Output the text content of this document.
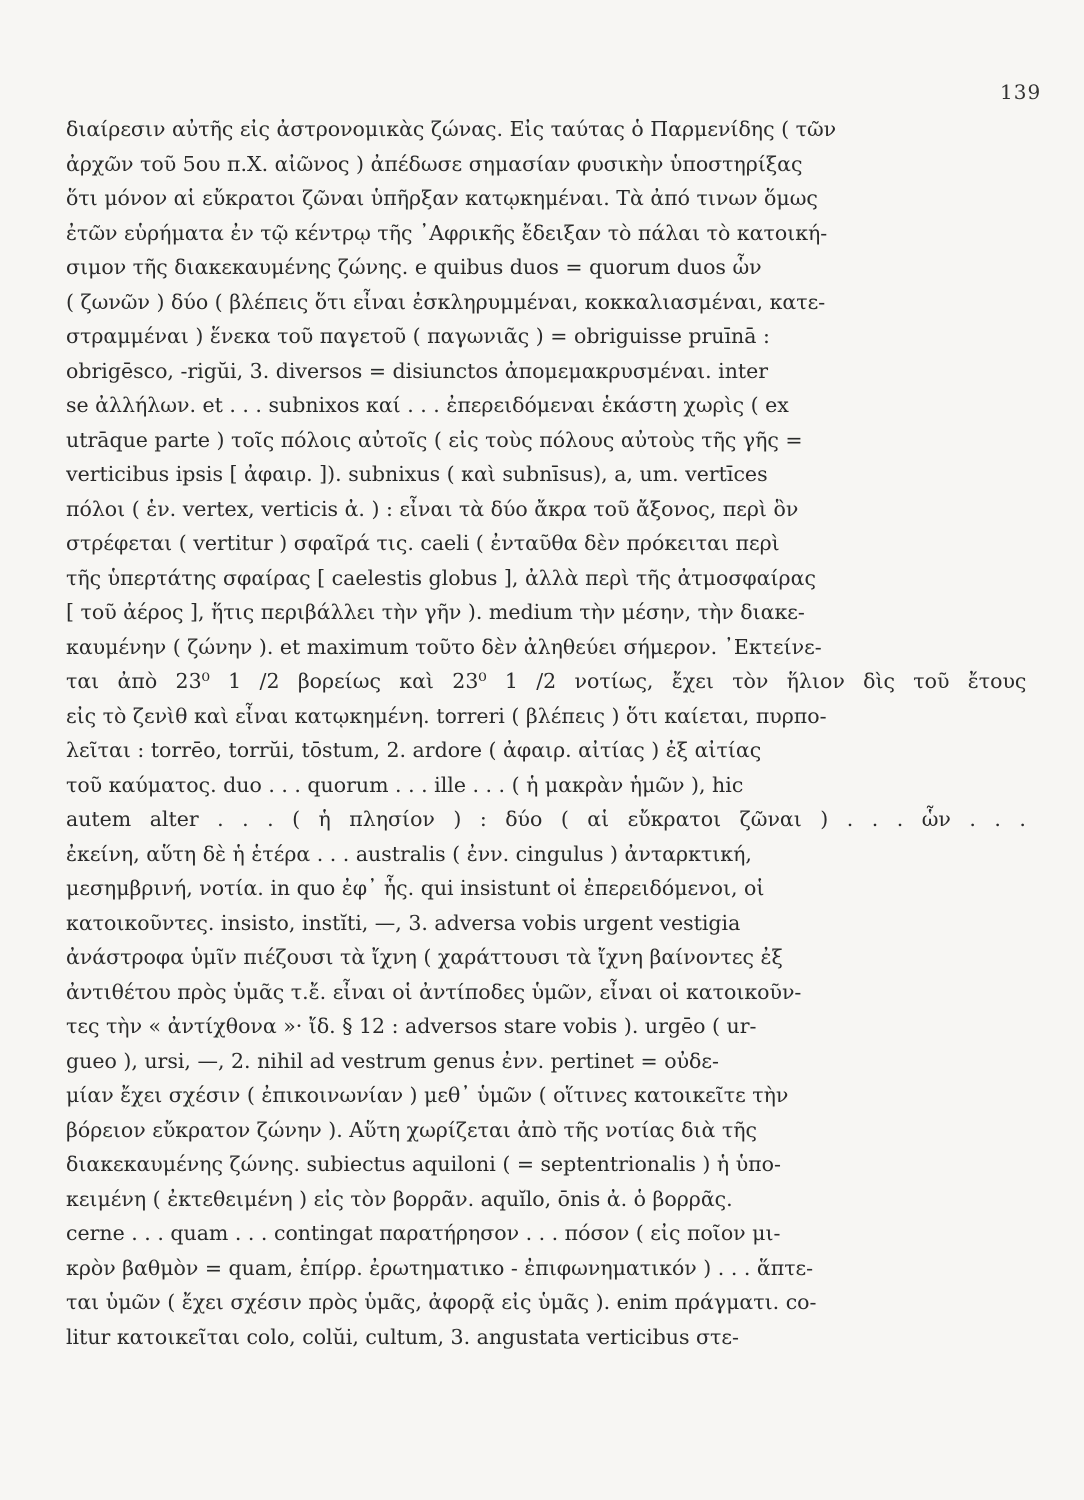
139
διαίρεσιν αὐτῆς εἰς ἀστρονομικὰς ζώνας. Εἰς ταύτας ὁ Παρμενίδης ( τῶν
ἀρχῶν τοῦ 5ου π.Χ. αἰῶνος ) ἀπέδωσε σημασίαν φυσικὴν ὑποστηρίξας
ὅτι μόνον αἱ εὔκρατοι ζῶναι ὑπῆρξαν κατῳκημέναι. Τὰ ἀπό τινων ὅμως
ἐτῶν εὑρήματα ἐν τῷ κέντρῳ τῆς ᾿Αφρικῆς ἔδειξαν τὸ πάλαι τὸ κατοική-
σιμον τῆς διακεκαυμένης ζώνης. e quibus duos = quorum duos ὧν
( ζωνῶν ) δύο ( βλέπεις ὅτι εἶναι ἐσκληρυμμέναι, κοκκαλιασμέναι, κατε-
στραμμέναι ) ἕνεκα τοῦ παγετοῦ ( παγωνιᾶς ) = obriguisse pruīnā :
obrigēsco, -rigŭi, 3. diversos = disiunctos ἀπομεμακρυσμέναι. inter
se ἀλλήλων. et . . . subnixos καί . . . ἐπερειδόμεναι ἑκάστη χωρὶς ( ex
utrāque parte ) τοῖς πόλοις αὐτοῖς ( εἰς τοὺς πόλους αὐτοὺς τῆς γῆς =
verticibus ipsis [ ἀφαιρ. ]). subnixus ( καὶ subnīsus), a, um. vertīces
πόλοι ( ἑν. vertex, verticis ἀ. ) : εἶναι τὰ δύο ἄκρα τοῦ ἄξονος, περὶ ὃν
στρέφεται ( vertitur ) σφαῖρά τις. caeli ( ἐνταῦθα δὲν πρόκειται περὶ
τῆς ὑπερτάτης σφαίρας [ caelestis globus ], ἀλλὰ περὶ τῆς ἀτμοσφαίρας
[ τοῦ ἀέρος ], ἥτις περιβάλλει τὴν γῆν ). medium τὴν μέσην, τὴν διακε-
καυμένην ( ζώνην ). et maximum τοῦτο δὲν ἀληθεύει σήμερον. ᾿Εκτείνε-
ται ἀπὸ 23⁰ 1 /2 βορείως καὶ 23⁰ 1 /2 νοτίως, ἔχει τὸν ἥλιον δὶς τοῦ ἔτους
εἰς τὸ ζενὶθ καὶ εἶναι κατῳκημένη. torreri ( βλέπεις ) ὅτι καίεται, πυρπο-
λεῖται : torrēo, torrŭi, tōstum, 2. ardore ( ἀφαιρ. αἰτίας ) ἐξ αἰτίας
τοῦ καύματος. duo . . . quorum . . . ille . . . ( ἡ μακρὰν ἡμῶν ), hic
autem alter . . . ( ἡ πλησίον ) : δύο ( αἱ εὔκρατοι ζῶναι ) . . . ὧν . . .
ἐκείνη, αὕτη δὲ ἡ ἑτέρα . . . australis ( ἐνν. cingulus ) ἀνταρκτική,
μεσημβρινή, νοτία. in quo ἐφ᾿ ἧς. qui insistunt οἱ ἐπερειδόμενοι, οἱ
κατοικοῦντες. insisto, instĭti, —, 3. adversa vobis urgent vestigia
ἀνάστροφα ὑμῖν πιέζουσι τὰ ἴχνη ( χαράττουσι τὰ ἴχνη βαίνοντες ἐξ
ἀντιθέτου πρὸς ὑμᾶς τ.ἔ. εἶναι οἱ ἀντίποδες ὑμῶν, εἶναι οἱ κατοικοῦν-
τες τὴν « ἀντίχθονα »· ἴδ. § 12 : adversos stare vobis ). urgēo ( ur-
gueo ), ursi, —, 2. nihil ad vestrum genus ἐνν. pertinet = οὐδε-
μίαν ἔχει σχέσιν ( ἐπικοινωνίαν ) μεθ᾿ ὑμῶν ( οἵτινες κατοικεῖτε τὴν
βόρειον εὔκρατον ζώνην ). Αὕτη χωρίζεται ἀπὸ τῆς νοτίας διὰ τῆς
διακεκαυμένης ζώνης. subiectus aquiloni ( = septentrionalis ) ἡ ὑπο-
κειμένη ( ἐκτεθειμένη ) εἰς τὸν βορρᾶν. aquĭlo, ōnis ἀ. ὁ βορρᾶς.
cerne . . . quam . . . contingat παρατήρησον . . . πόσον ( εἰς ποῖον μι-
κρὸν βαθμὸν = quam, ἐπίρρ. ἐρωτηματικο - ἐπιφωνηματικόν ) . . . ἅπτε-
ται ὑμῶν ( ἔχει σχέσιν πρὸς ὑμᾶς, ἀφορᾷ εἰς ὑμᾶς ). enim πράγματι. co-
litur κατοικεῖται colo, colŭi, cultum, 3. angustata verticibus στε-
